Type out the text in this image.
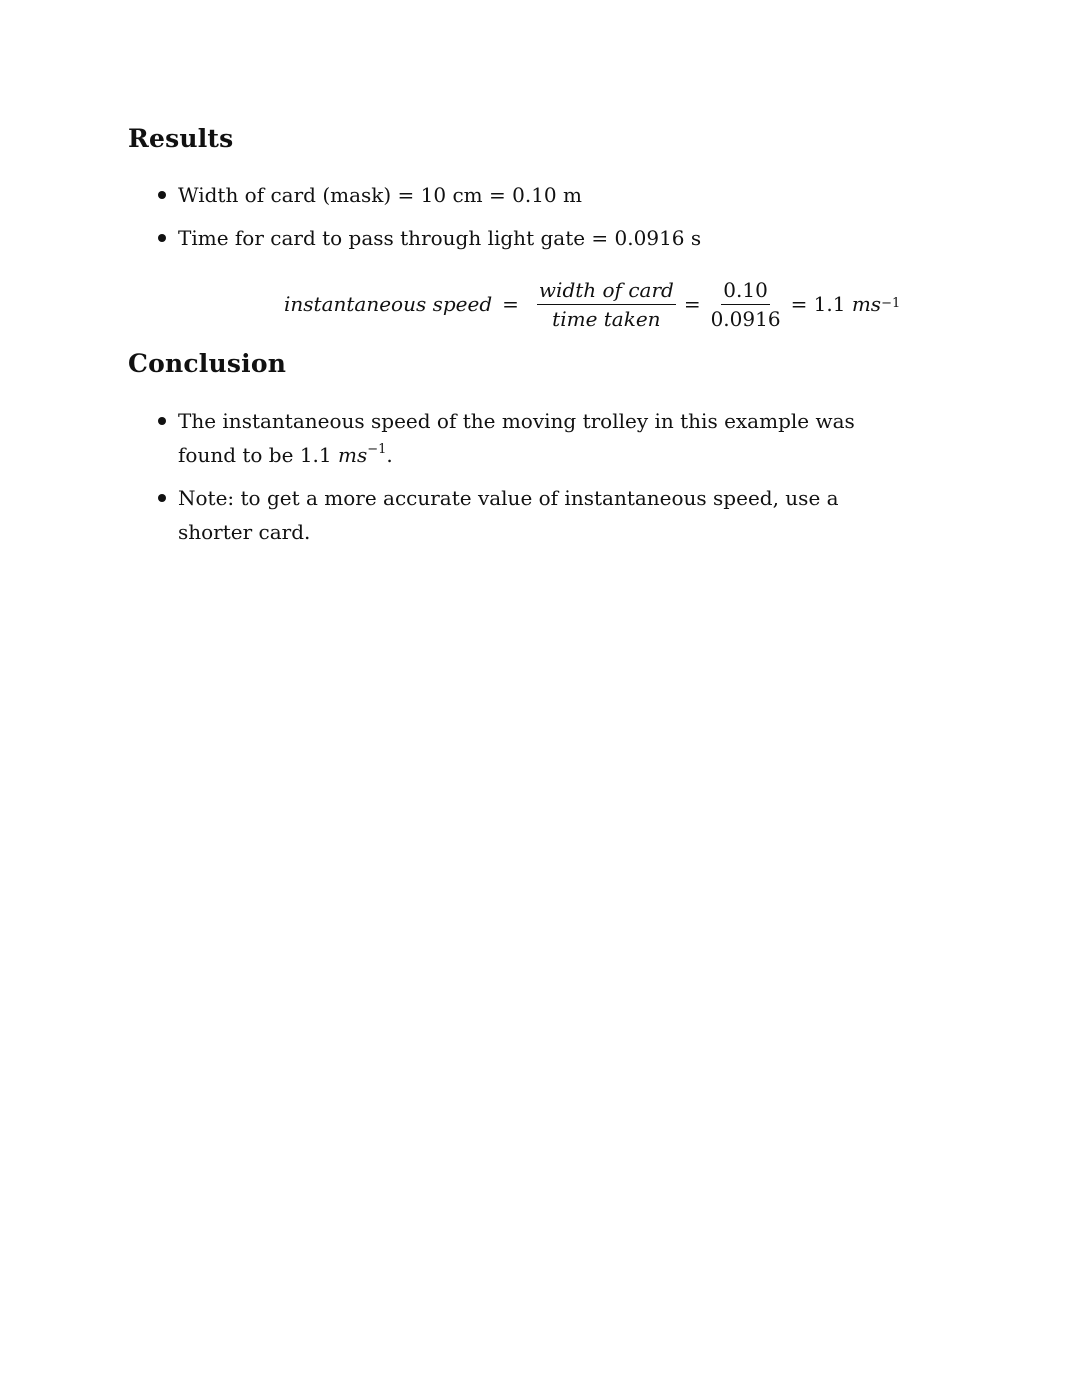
Results
Width of card (mask) = 10 cm = 0.10 m
Time for card to pass through light gate = 0.0916 s
instantaneous speed = $\frac{\text{width of card}}{\text{time taken}} = \frac{0.10}{0.0916} = 1.1$
ms −1
Conclusion
The instantaneous speed of the moving trolley in this example was found to be 1.1 $ms^{-1}$.
Note: to get a more accurate value of instantaneous speed, use a shorter card.
